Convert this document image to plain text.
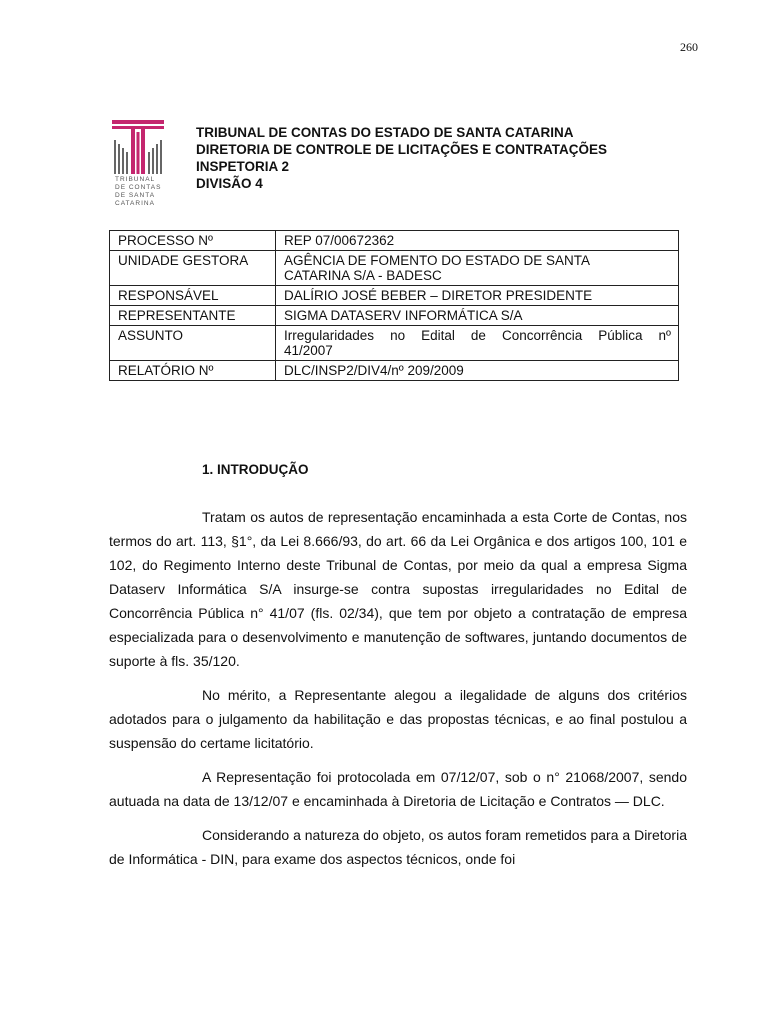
260
TRIBUNAL
DE CONTAS
DE SANTA
CATARINA
TRIBUNAL DE CONTAS DO ESTADO DE SANTA CATARINA
DIRETORIA DE CONTROLE DE LICITAÇÕES E CONTRATAÇÕES
INSPETORIA 2
DIVISÃO 4
PROCESSO Nº	REP 07/00672362
UNIDADE GESTORA	AGÊNCIA DE FOMENTO DO ESTADO DE SANTA
CATARINA S/A - BADESC

RESPONSÁVEL	DALÍRIO JOSÉ BEBER – DIRETOR PRESIDENTE
REPRESENTANTE	SIGMA DATASERV INFORMÁTICA S/A
ASSUNTO	Irregularidades no Edital de Concorrência Pública nº
41/2007

RELATÓRIO Nº	DLC/INSP2/DIV4/nº 209/2009
1. INTRODUÇÃO

Tratam os autos de representação encaminhada a esta Corte de Contas, nos termos do art. 113, §1°, da Lei 8.666/93, do art. 66 da Lei Orgânica e dos artigos 100, 101 e 102, do Regimento Interno deste Tribunal de Contas, por meio da qual a empresa Sigma Dataserv Informática S/A insurge-se contra supostas irregularidades no Edital de Concorrência Pública n° 41/07 (fls. 02/34), que tem por objeto a contratação de empresa especializada para o desenvolvimento e manutenção de softwares, juntando documentos de suporte à fls. 35/120.

No mérito, a Representante alegou a ilegalidade de alguns dos critérios adotados para o julgamento da habilitação e das propostas técnicas, e ao final postulou a suspensão do certame licitatório.

A Representação foi protocolada em 07/12/07, sob o n° 21068/2007, sendo autuada na data de 13/12/07 e encaminhada à Diretoria de Licitação e Contratos — DLC.

Considerando a natureza do objeto, os autos foram remetidos para a Diretoria de Informática - DIN, para exame dos aspectos técnicos, onde foi
